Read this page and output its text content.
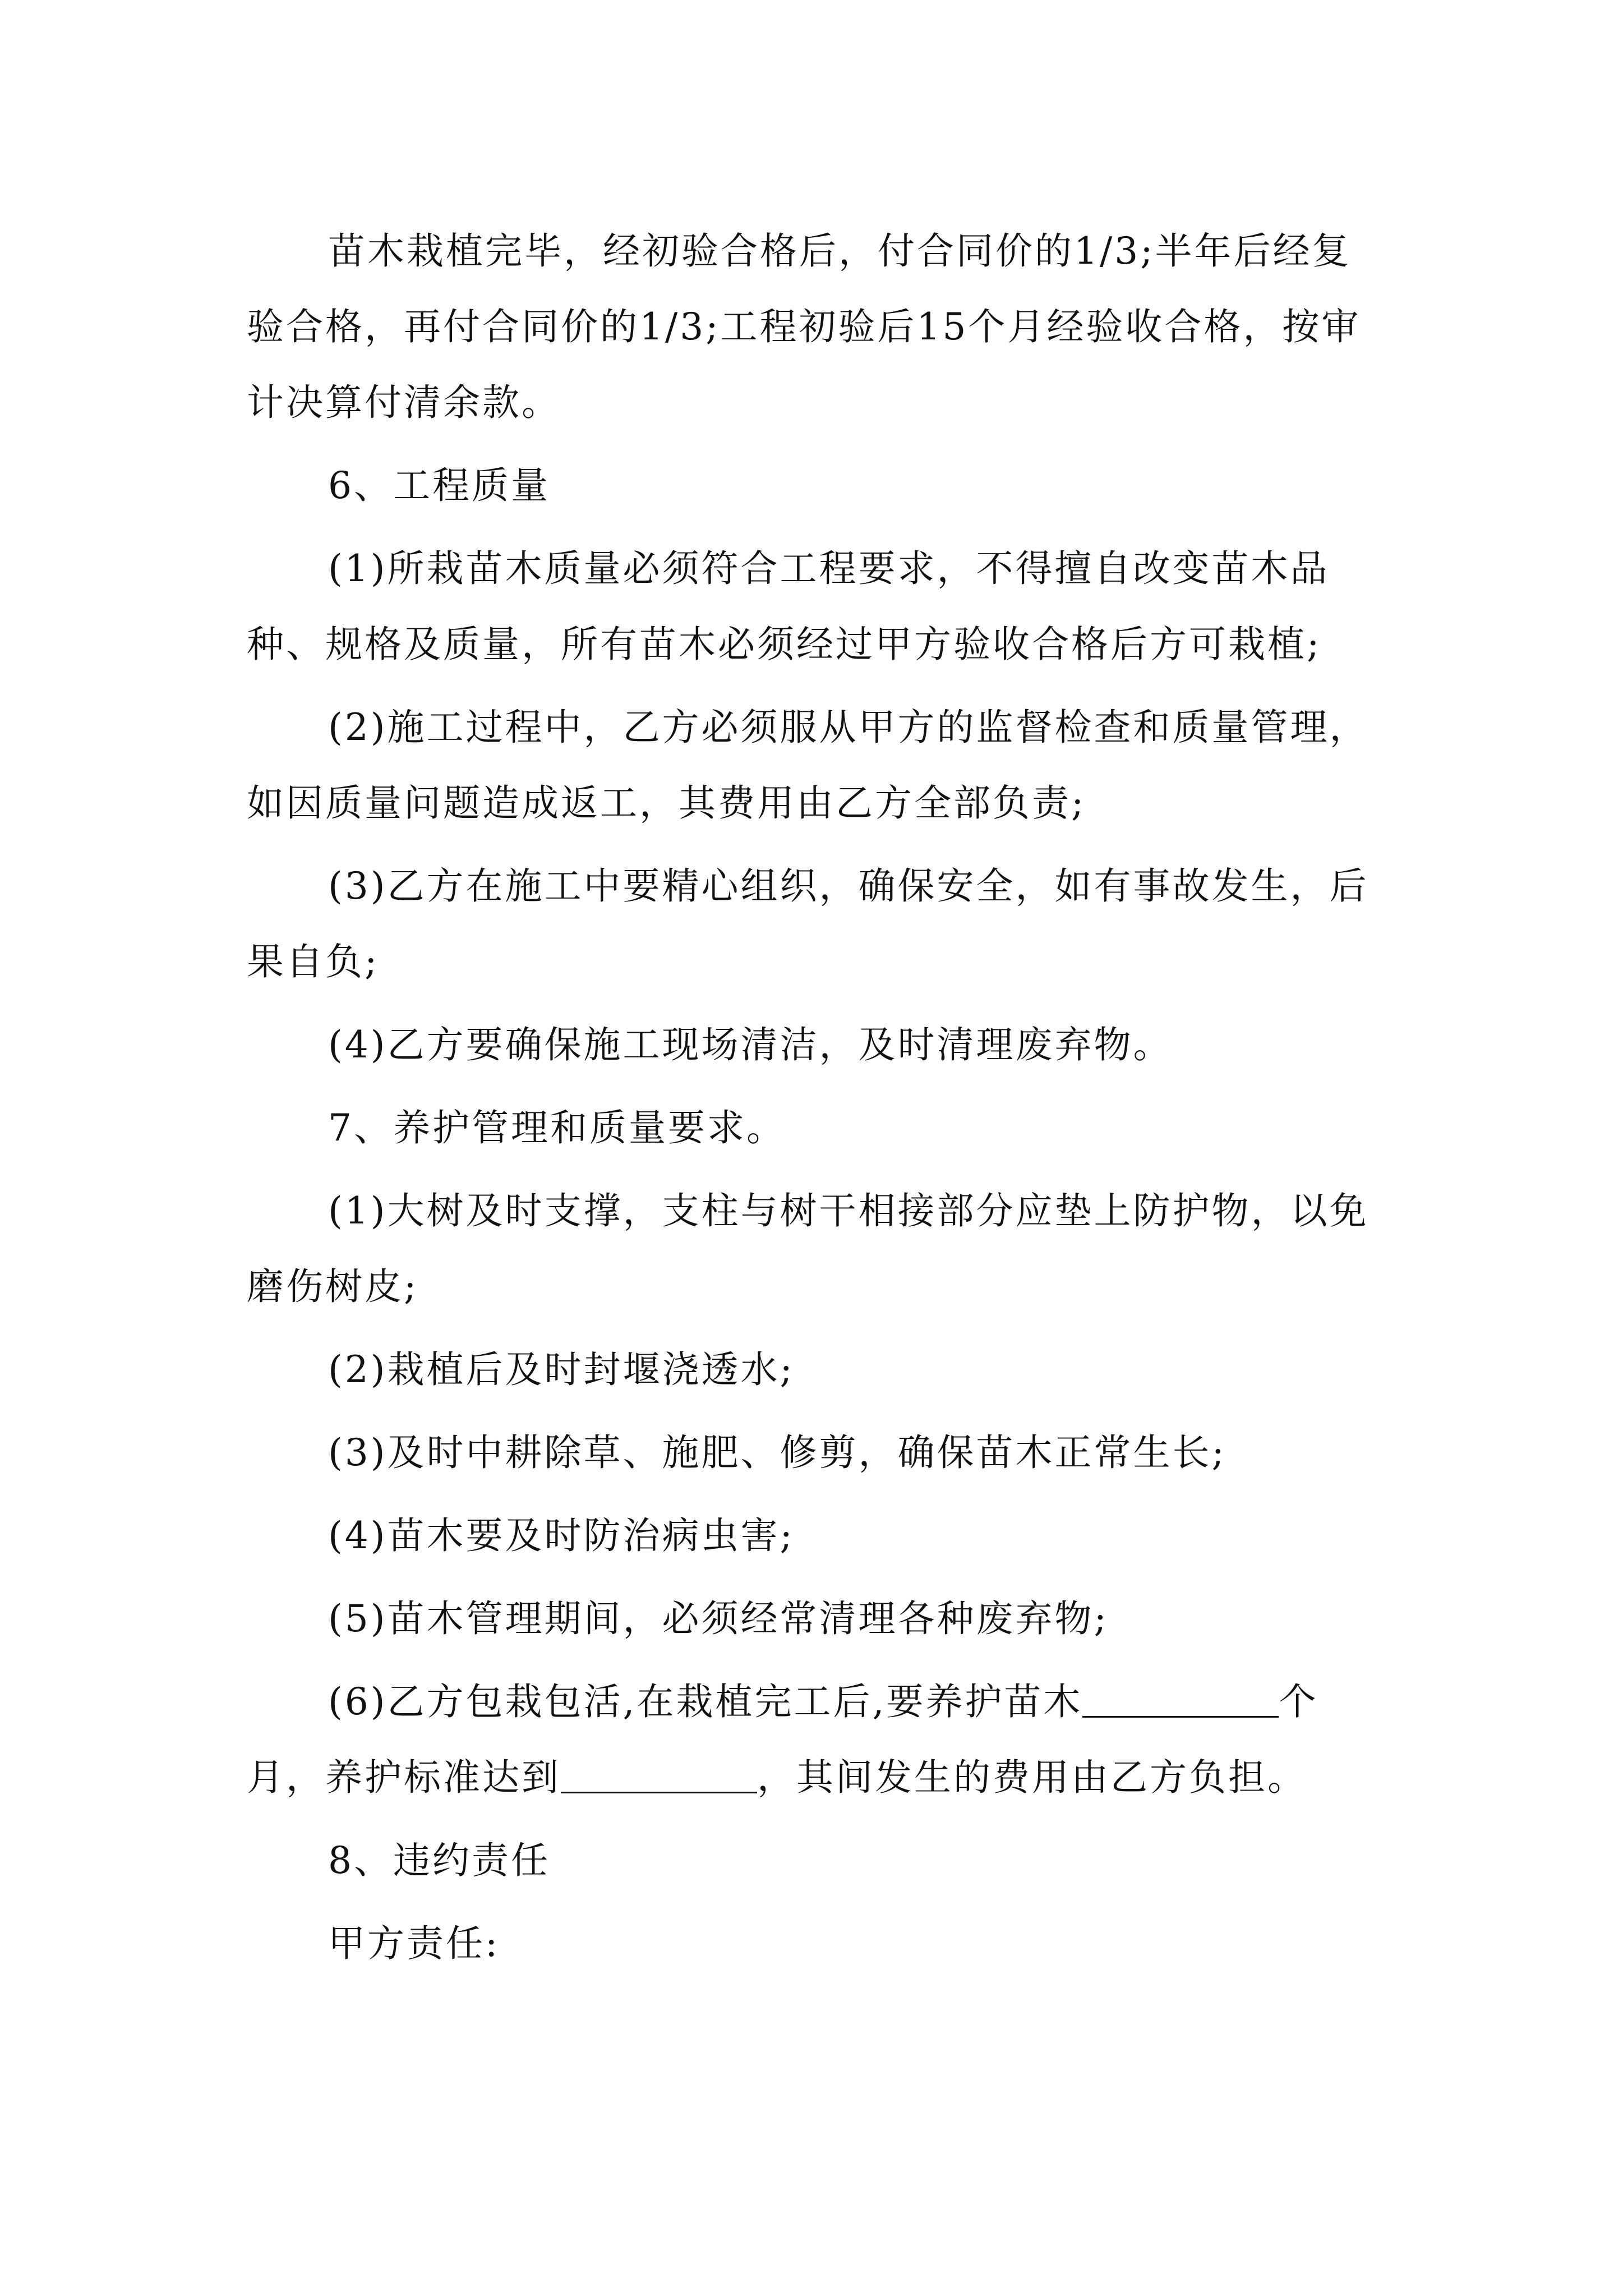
苗木栽植完毕，经初验合格后，付合同价的1/3;半年后经复验合格，再付合同价的1/3;工程初验后15个月经验收合格，按审计决算付清余款。

6、工程质量

(1)所栽苗木质量必须符合工程要求，不得擅自改变苗木品种、规格及质量，所有苗木必须经过甲方验收合格后方可栽植;

(2)施工过程中，乙方必须服从甲方的监督检查和质量管理，如因质量问题造成返工，其费用由乙方全部负责;

(3)乙方在施工中要精心组织，确保安全，如有事故发生，后果自负;

(4)乙方要确保施工现场清洁，及时清理废弃物。

7、养护管理和质量要求。

(1)大树及时支撑，支柱与树干相接部分应垫上防护物，以免磨伤树皮;

(2)栽植后及时封堰浇透水;

(3)及时中耕除草、施肥、修剪，确保苗木正常生长;

(4)苗木要及时防治病虫害;

(5)苗木管理期间，必须经常清理各种废弃物;

(6)乙方包栽包活,在栽植完工后,要养护苗木	个月，养护标准达到	，其间发生的费用由乙方负担。

8、违约责任

甲方责任:
